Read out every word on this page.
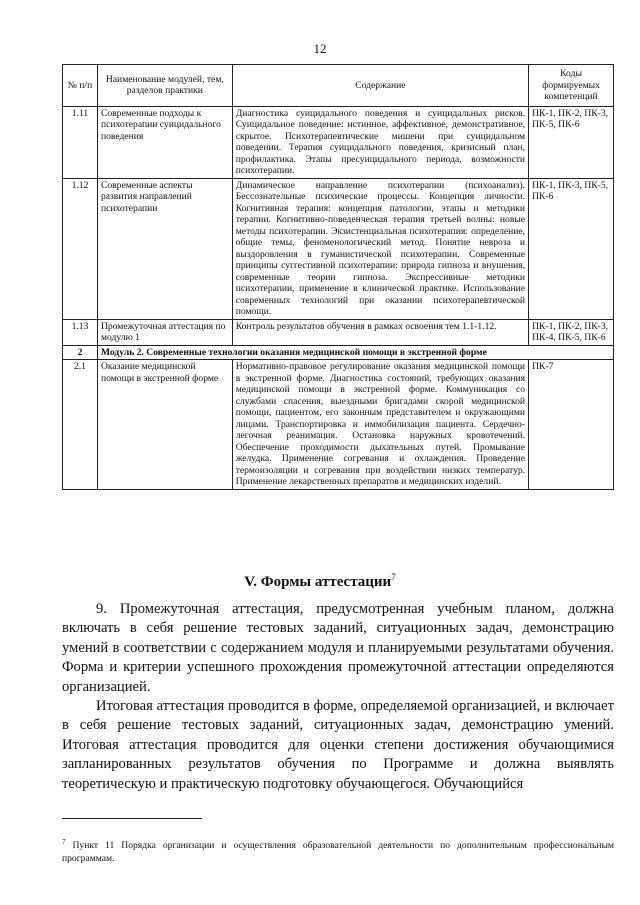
12
№ п/п	Наименование модулей, тем, разделов практики	Содержание	Коды формируемых компетенций
1.11	Современные подходы к психотерапии суицидального поведения	Диагностика суицидального поведения и суицидальных рисков. Суицидальное поведение: истинное, аффективное, демонстративное, скрытое. Психотерапевтические мишени при суицидальном поведении. Терапия суицидального поведения, кризисный план, профилактика. Этапы пресуицидального периода, возможности психотерапии.	ПК-1, ПК-2, ПК-3, ПК-5, ПК-6
1.12	Современные аспекты развития направлений психотерапии	Динамическое направление психотерапии (психоанализ). Бессознательные психические процессы. Концепция личности. Когнитивная терапия: концепция патологии, этапы и методики терапии. Когнитивно-поведенческая терапия третьей волны: новые методы психотерапии. Экзистенциальная психотерапия: определение, общие темы, феноменологический метод. Понятие невроза и выздоровления в гуманистической психотерапии. Современные принципы суггестивной психотерапии: природа гипноза и внушения, современные теории гипноза. Экспрессивные методики психотерапии, применение в клинической практике. Использование современных технологий при оказании психотерапевтической помощи.	ПК-1, ПК-3, ПК-5, ПК-6
1.13	Промежуточная аттестация по модулю 1	Контроль результатов обучения в рамках освоения тем 1.1-1.12.	ПК-1, ПК-2, ПК-3, ПК-4, ПК-5, ПК-6
2	Модуль 2. Современные технологии оказания медицинской помощи в экстренной форме		
2.1	Оказание медицинской помощи в экстренной форме	Нормативно-правовое регулирование оказания медицинской помощи в экстренной форме. Диагностика состояний, требующих оказания медицинской помощи в экстренной форме. Коммуникация со службами спасения, выездными бригадами скорой медицинской помощи, пациентом, его законным представителем и окружающими лицами. Транспортировка и иммобилизация пациента. Сердечно-легочная реанимация. Остановка наружных кровотечений. Обеспечение проходимости дыхательных путей. Промывание желудка. Применение согревания и охлаждения. Проведение термоизоляции и согревания при воздействии низких температур. Применение лекарственных препаратов и медицинских изделий.	ПК-7
V. Формы аттестации$^7$

9. Промежуточная аттестация, предусмотренная учебным планом, должна включать в себя решение тестовых заданий, ситуационных задач, демонстрацию умений в соответствии с содержанием модуля и планируемыми результатами обучения. Форма и критерии успешного прохождения промежуточной аттестации определяются организацией.

Итоговая аттестация проводится в форме, определяемой организацией, и включает в себя решение тестовых заданий, ситуационных задач, демонстрацию умений. Итоговая аттестация проводится для оценки степени достижения обучающимися запланированных результатов обучения по Программе и должна выявлять теоретическую и практическую подготовку обучающегося. Обучающийся

$^7$ Пункт 11 Порядка организации и осуществления образовательной деятельности по дополнительным профессиональным программам.
